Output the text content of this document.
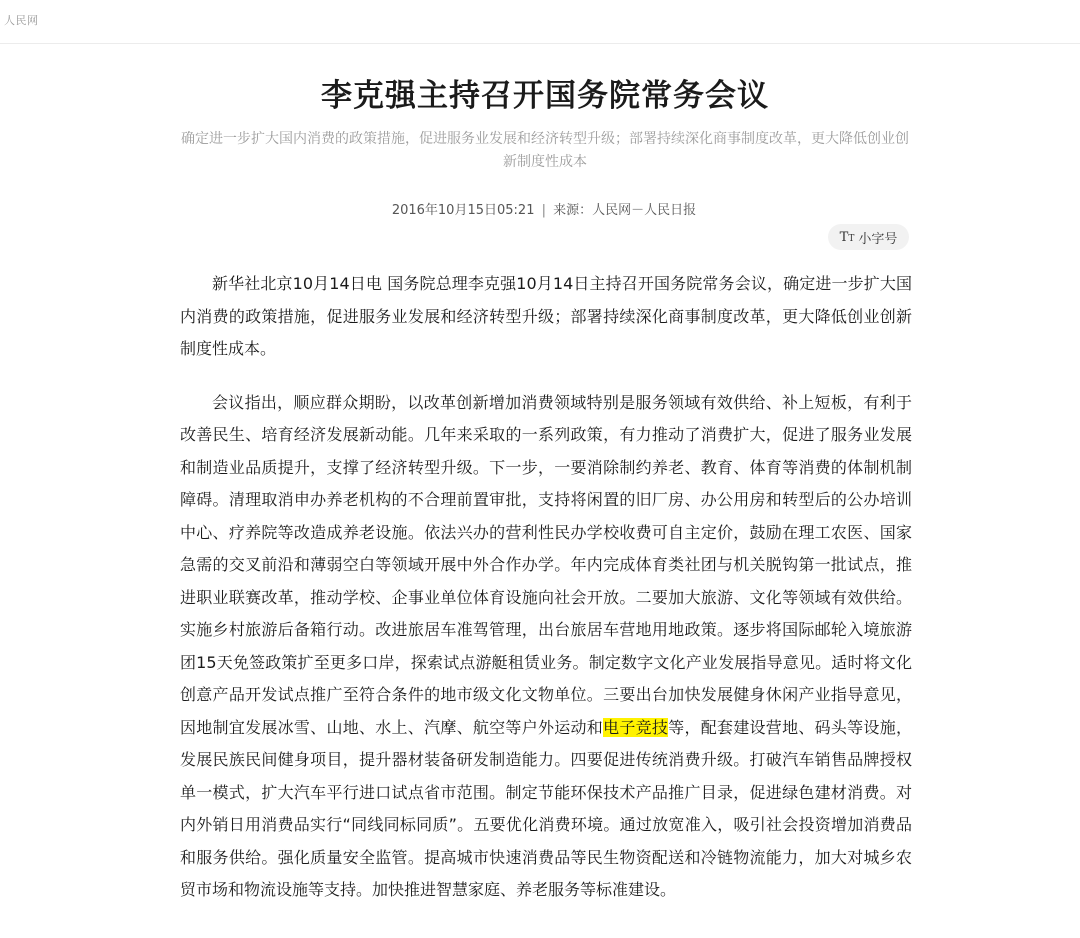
人民网
李克强主持召开国务院常务会议
确定进一步扩大国内消费的政策措施，促进服务业发展和经济转型升级；部署持续深化商事制度改革，更大降低创业创新制度性成本
2016年10月15日05:21 | 来源：人民网－人民日报
TT 小字号

新华社北京10月14日电 国务院总理李克强10月14日主持召开国务院常务会议，确定进一步扩大国内消费的政策措施，促进服务业发展和经济转型升级；部署持续深化商事制度改革，更大降低创业创新制度性成本。

会议指出，顺应群众期盼，以改革创新增加消费领域特别是服务领域有效供给、补上短板，有利于改善民生、培育经济发展新动能。几年来采取的一系列政策，有力推动了消费扩大，促进了服务业发展和制造业品质提升，支撑了经济转型升级。下一步，一要消除制约养老、教育、体育等消费的体制机制障碍。清理取消申办养老机构的不合理前置审批，支持将闲置的旧厂房、办公用房和转型后的公办培训中心、疗养院等改造成养老设施。依法兴办的营利性民办学校收费可自主定价，鼓励在理工农医、国家急需的交叉前沿和薄弱空白等领域开展中外合作办学。年内完成体育类社团与机关脱钩第一批试点，推进职业联赛改革，推动学校、企事业单位体育设施向社会开放。二要加大旅游、文化等领域有效供给。实施乡村旅游后备箱行动。改进旅居车准驾管理，出台旅居车营地用地政策。逐步将国际邮轮入境旅游团15天免签政策扩至更多口岸，探索试点游艇租赁业务。制定数字文化产业发展指导意见。适时将文化创意产品开发试点推广至符合条件的地市级文化文物单位。三要出台加快发展健身休闲产业指导意见，因地制宜发展冰雪、山地、水上、汽摩、航空等户外运动和电子竞技等，配套建设营地、码头等设施，发展民族民间健身项目，提升器材装备研发制造能力。四要促进传统消费升级。打破汽车销售品牌授权单一模式，扩大汽车平行进口试点省市范围。制定节能环保技术产品推广目录，促进绿色建材消费。对内外销日用消费品实行“同线同标同质”。五要优化消费环境。通过放宽准入，吸引社会投资增加消费品和服务供给。强化质量安全监管。提高城市快速消费品等民生物资配送和冷链物流能力，加大对城乡农贸市场和物流设施等支持。加快推进智慧家庭、养老服务等标准建设。
